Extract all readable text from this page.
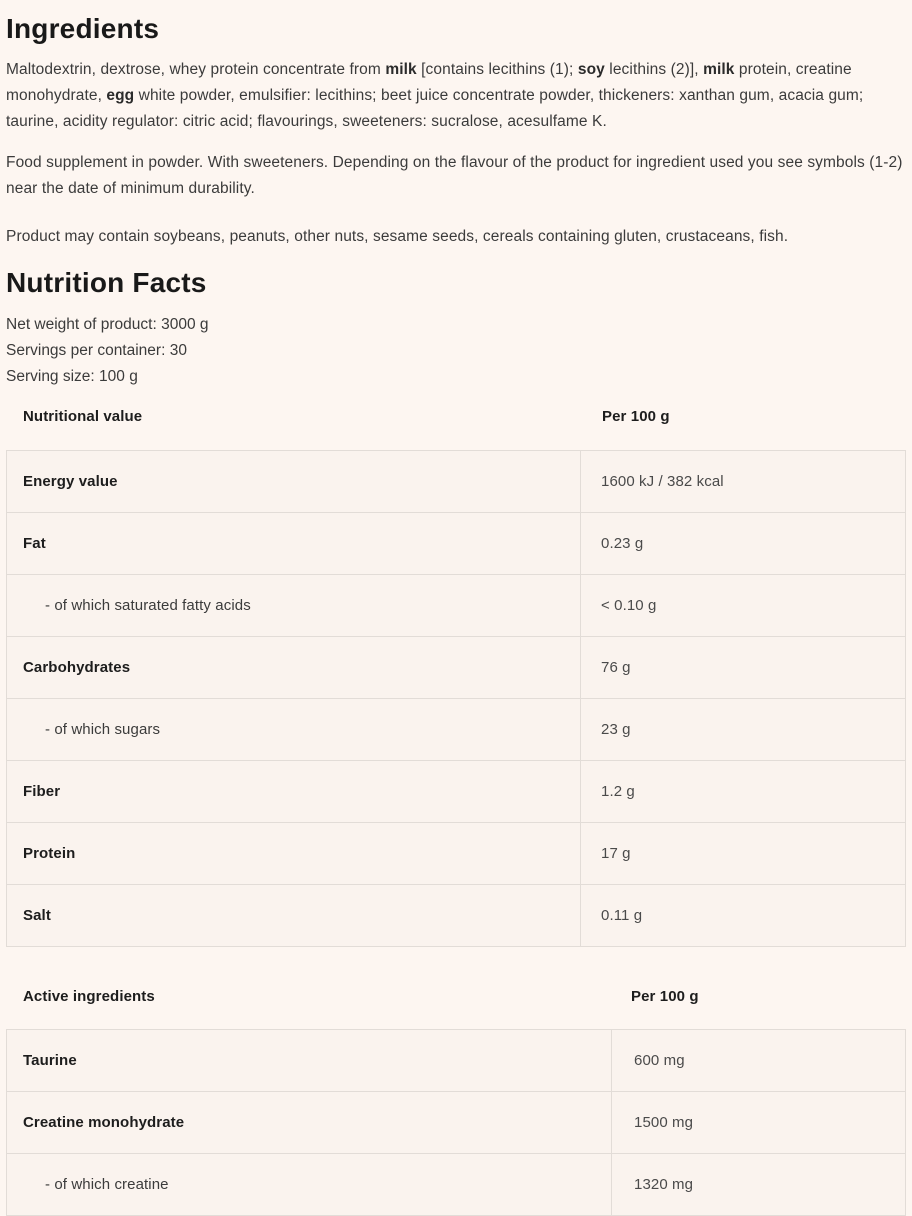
Ingredients

Maltodextrin, dextrose, whey protein concentrate from milk [contains lecithins (1); soy lecithins (2)], milk protein, creatine monohydrate, egg white powder, emulsifier: lecithins; beet juice concentrate powder, thickeners: xanthan gum, acacia gum; taurine, acidity regulator: citric acid; flavourings, sweeteners: sucralose, acesulfame K.

Food supplement in powder. With sweeteners. Depending on the flavour of the product for ingredient used you see symbols (1-2) near the date of minimum durability.

Product may contain soybeans, peanuts, other nuts, sesame seeds, cereals containing gluten, crustaceans, fish.

Nutrition Facts
Net weight of product: 3000 g
Servings per container: 30
Serving size: 100 g
Nutritional value	Per 100 g
Energy value	1600 kJ / 382 kcal
Fat	0.23 g
- of which saturated fatty acids	< 0.10 g
Carbohydrates	76 g
- of which sugars	23 g
Fiber	1.2 g
Protein	17 g
Salt	0.11 g
Active ingredients	Per 100 g
Taurine	600 mg
Creatine monohydrate	1500 mg
- of which creatine	1320 mg
